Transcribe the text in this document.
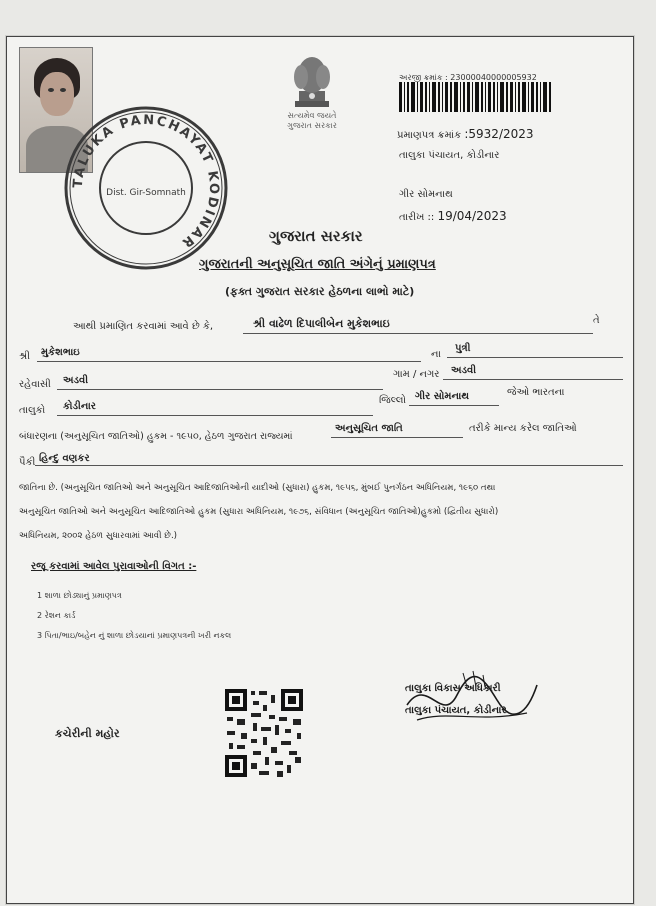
TALUKA PANCHAYAT KODINAR
Dist. Gir-Somnath
સત્યમેવ જયતે
ગુજરાત સરકાર
અરજી ક્રમાંક : 23000040000005932
પ્રમાણપત્ર ક્રમાંક :5932/2023
તાલુકા પંચાયત, કોડીનાર
ગીર સોમનાથ
તારીખ :: 19/04/2023
ગુજરાત સરકાર
ગુજરાતની અનુસૂચિત જાતિ અંગેનું પ્રમાણપત્ર
(ફક્ત ગુજરાત સરકાર હેઠળના લાભો માટે)
આથી પ્રમાણિત કરવામાં આવે છે કે,	શ્રી વાઢેળ દિપાલીબેન મુકેશભાઇ	તે
શ્રી મુકેશભાઇ	ના
પુત્રી
રહેવાસી અડવી
ગામ / નગર અડવી
તાલુકો કોડીનાર
જિલ્લો ગીર સોમનાથ	જેઓ ભારતના
બંધારણના (અનુસૂચિત જાતિઓ) હુકમ - ૧૯૫૦, હેઠળ ગુજરાત રાજ્યમાં
અનુસૂચિત જાતિ	તરીકે માન્ય કરેલ જાતિઓ
પૈકી હિન્દુ વણકર
જાતિના છે. (અનુસૂચિત જાતિઓ અને અનુસૂચિત આદિજાતિઓની યાદીઓ (સુધારા) હુકમ, ૧૯૫૬, મુંબઈ પુનર્ગઠન અધિનિયમ, ૧૯૬૦ તથા
અનુસૂચિત જાતિઓ અને અનુસૂચિત આદિજાતિઓ હુકમ (સુધારા અધિનિયમ, ૧૯૭૬, સંવિધાન (અનુસૂચિત જાતિઓ)હુકમો (દ્વિતીય સુધારો)
અધિનિયમ, ૨૦૦૨ હેઠળ સુધારવામાં આવી છે.)
રજૂ કરવામાં આવેલ પુરાવાઓની વિગત :-
1 શાળા છોડ્યાનું પ્રમાણપત્ર
2 રેશન કાર્ડ
3 પિતા/ભાઇ/બહેન નું શાળા છોડયાનાં પ્રમાણપત્રની ખરી નકલ
કચેરીની મહોર
તાલુકા વિકાસ અધિકારી
તાલુકા પંચાયત, કોડીનાર
